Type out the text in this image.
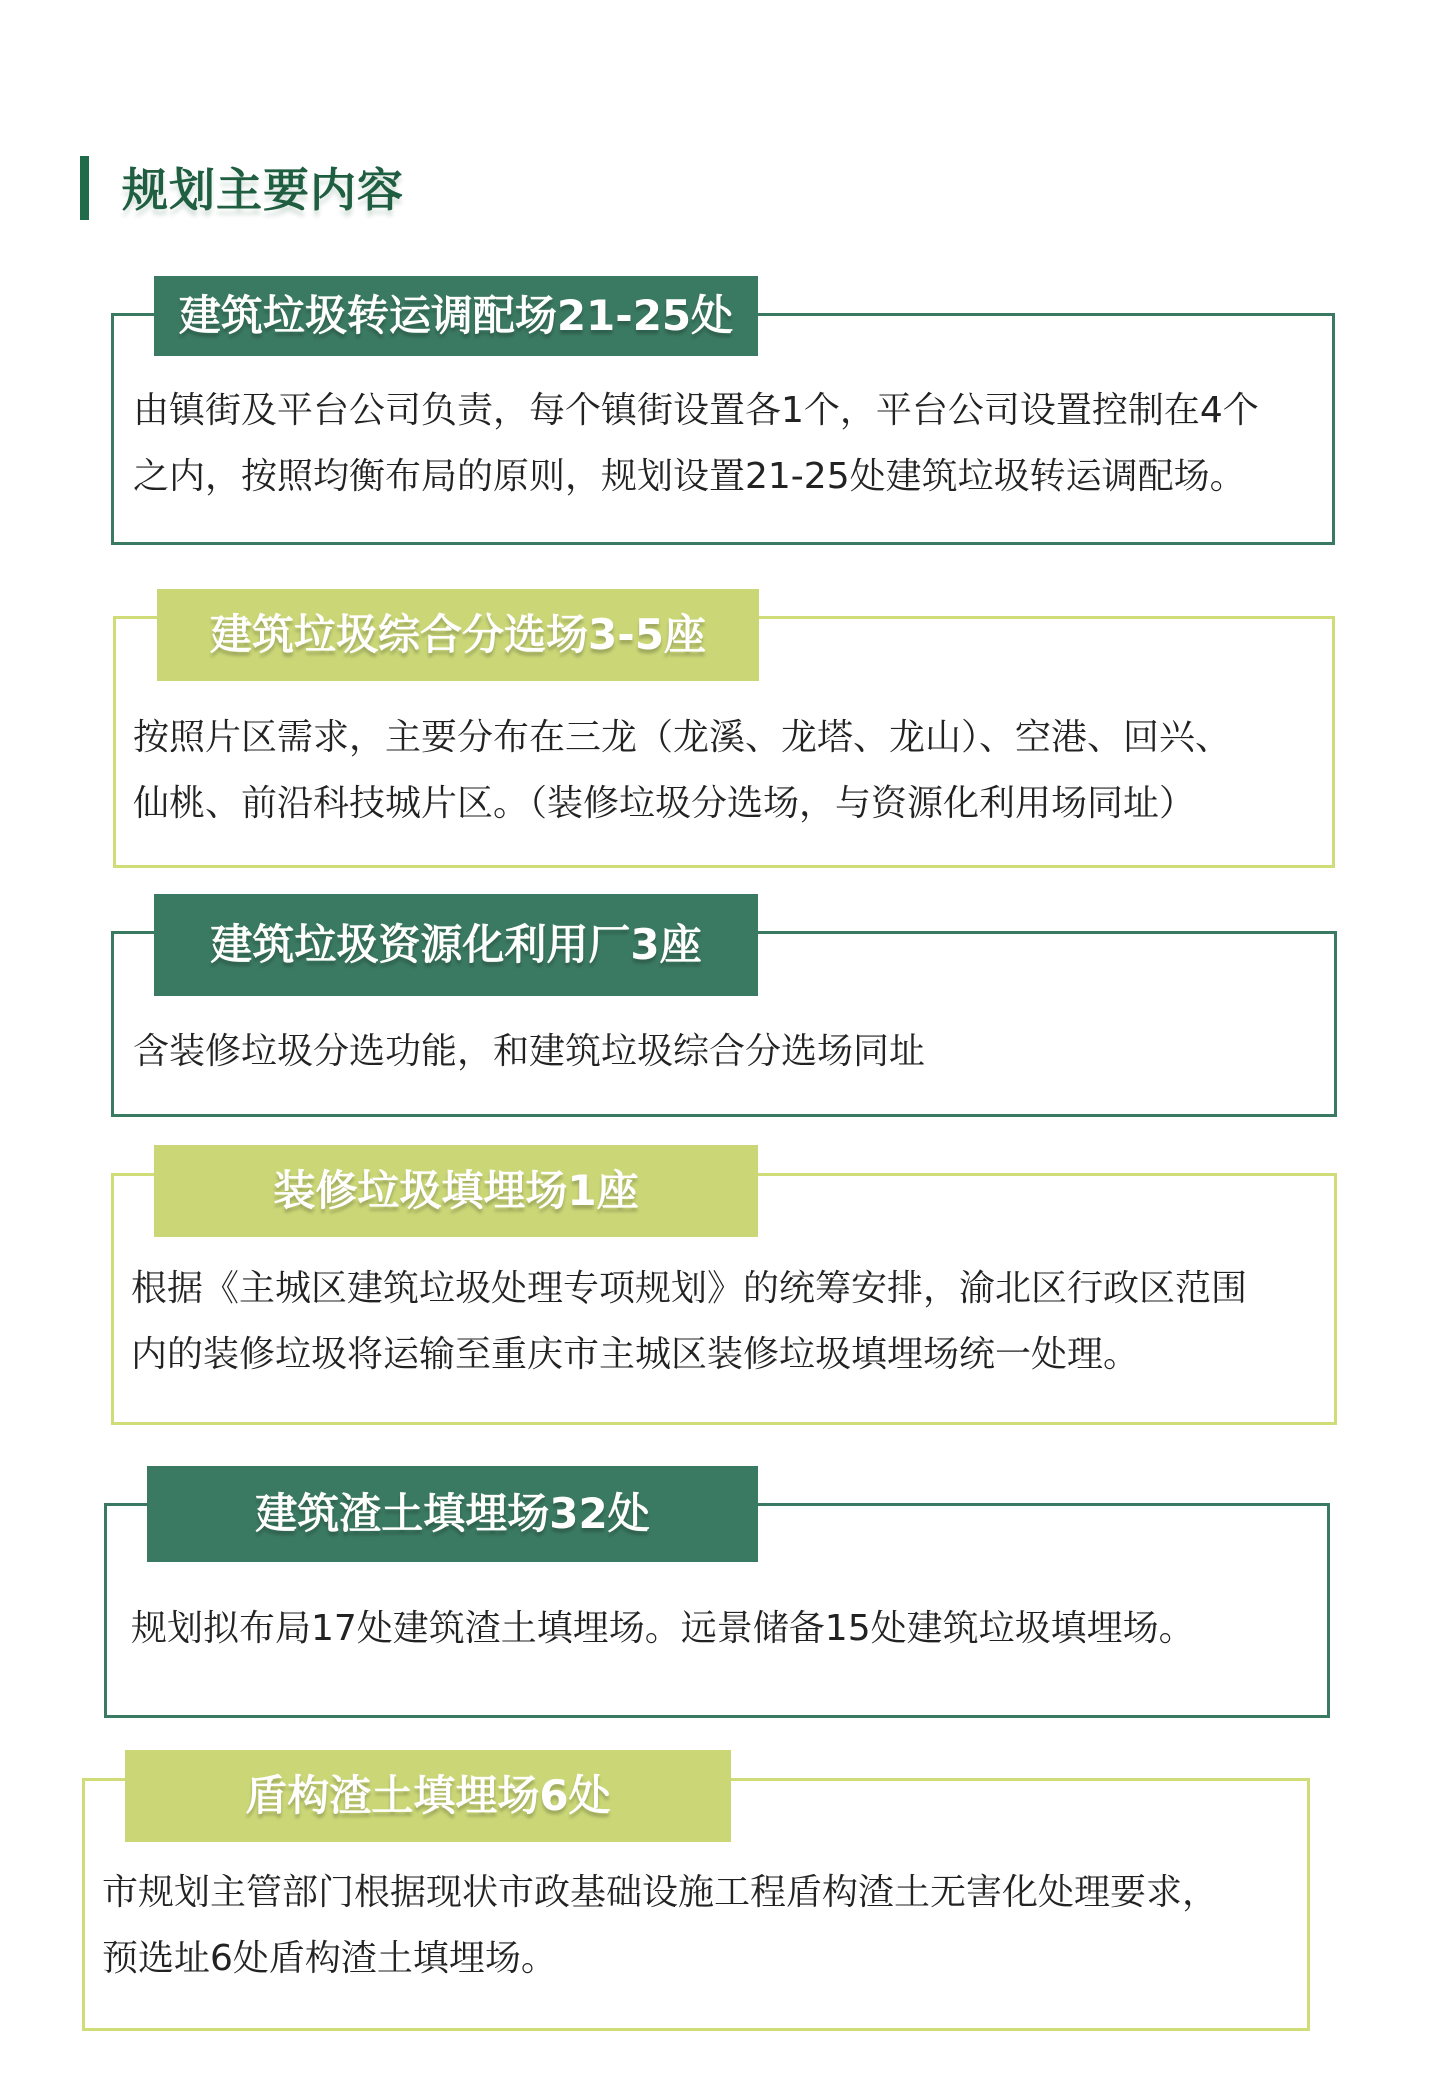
规划主要内容
建筑垃圾转运调配场21-25处
由镇街及平台公司负责，每个镇街设置各1个，平台公司设置控制在4个
之内，按照均衡布局的原则，规划设置21-25处建筑垃圾转运调配场。
建筑垃圾综合分选场3-5座
按照片区需求，主要分布在三龙（龙溪、龙塔、龙山）、空港、回兴、
仙桃、前沿科技城片区。（装修垃圾分选场，与资源化利用场同址）
建筑垃圾资源化利用厂3座
含装修垃圾分选功能，和建筑垃圾综合分选场同址
装修垃圾填埋场1座
根据《主城区建筑垃圾处理专项规划》的统筹安排，渝北区行政区范围
内的装修垃圾将运输至重庆市主城区装修垃圾填埋场统一处理。
建筑渣土填埋场32处
规划拟布局17处建筑渣土填埋场。远景储备15处建筑垃圾填埋场。
盾构渣土填埋场6处
市规划主管部门根据现状市政基础设施工程盾构渣土无害化处理要求，
预选址6处盾构渣土填埋场。
